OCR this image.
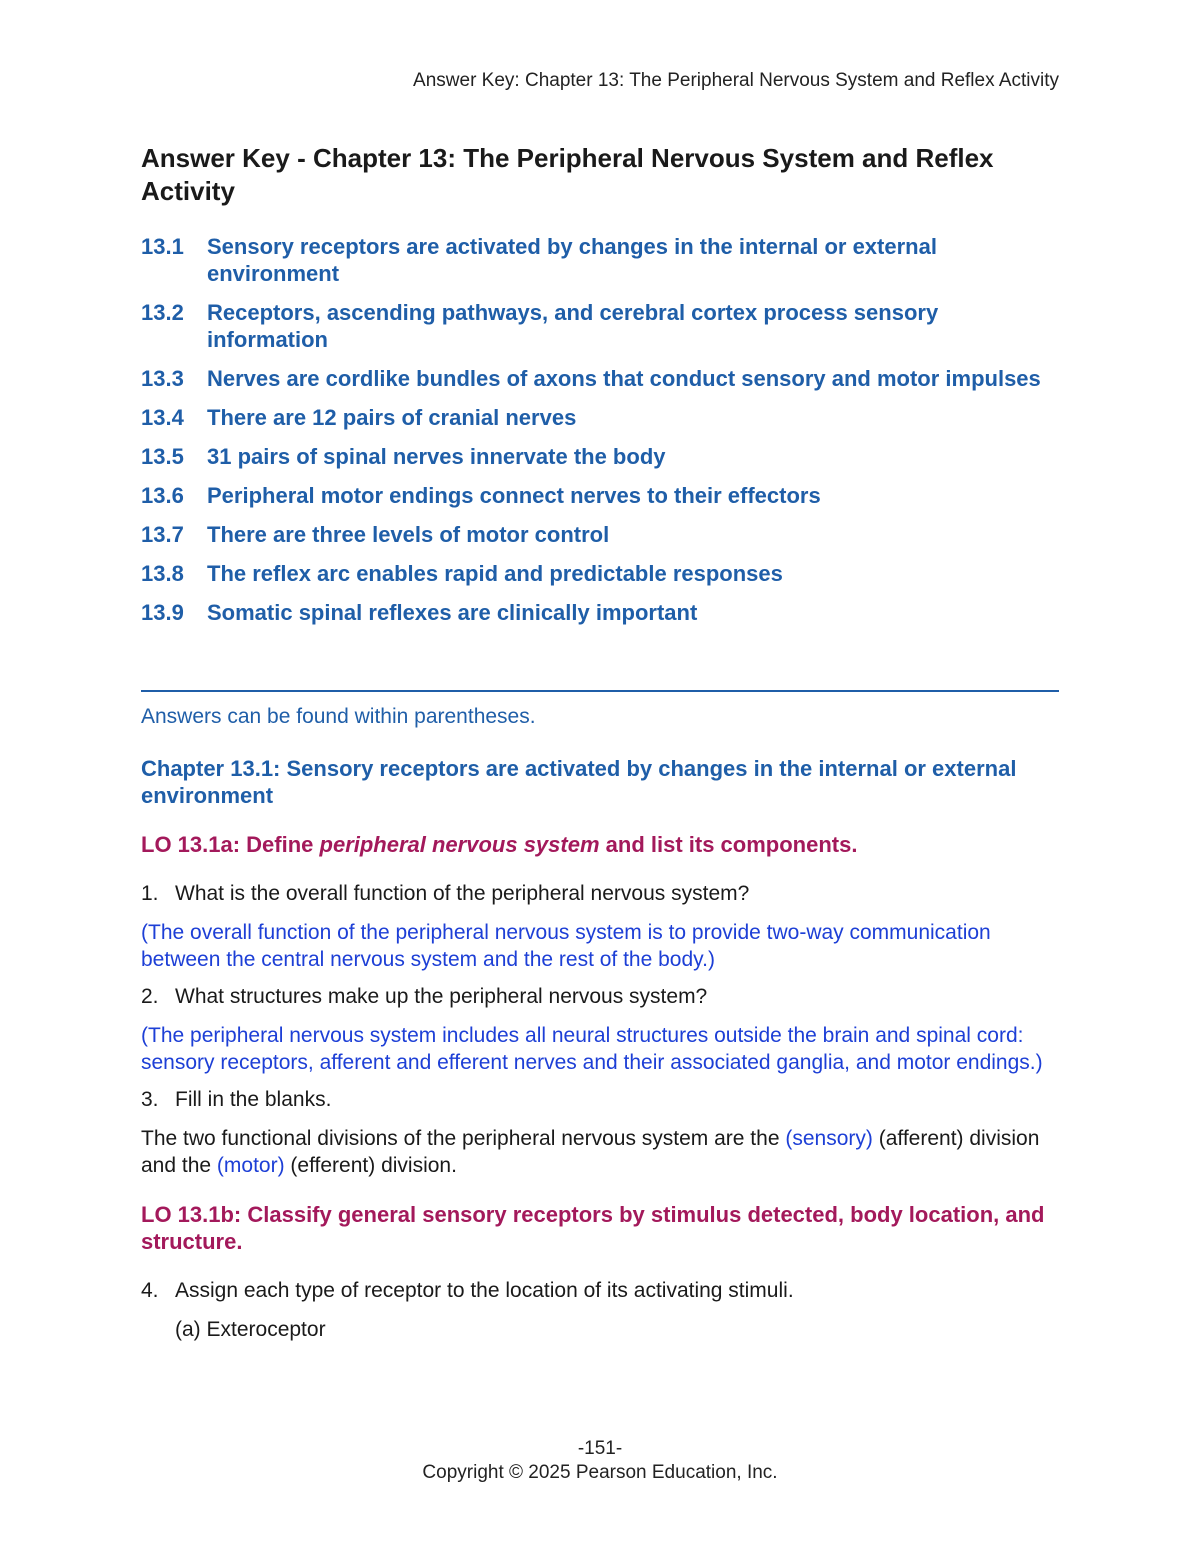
Answer Key: Chapter 13: The Peripheral Nervous System and Reflex Activity
Answer Key - Chapter 13: The Peripheral Nervous System and Reflex Activity
13.1	Sensory receptors are activated by changes in the internal or external environment
13.2	Receptors, ascending pathways, and cerebral cortex process sensory information
13.3	Nerves are cordlike bundles of axons that conduct sensory and motor impulses
13.4	There are 12 pairs of cranial nerves
13.5	31 pairs of spinal nerves innervate the body
13.6	Peripheral motor endings connect nerves to their effectors
13.7	There are three levels of motor control
13.8	The reflex arc enables rapid and predictable responses
13.9	Somatic spinal reflexes are clinically important
Answers can be found within parentheses.
Chapter 13.1: Sensory receptors are activated by changes in the internal or external environment
LO 13.1a: Define peripheral nervous system and list its components.
1. What is the overall function of the peripheral nervous system?
(The overall function of the peripheral nervous system is to provide two-way communication between the central nervous system and the rest of the body.)
2. What structures make up the peripheral nervous system?
(The peripheral nervous system includes all neural structures outside the brain and spinal cord: sensory receptors, afferent and efferent nerves and their associated ganglia, and motor endings.)
3. Fill in the blanks.
The two functional divisions of the peripheral nervous system are the (sensory) (afferent) division and the (motor) (efferent) division.
LO 13.1b: Classify general sensory receptors by stimulus detected, body location, and structure.
4. Assign each type of receptor to the location of its activating stimuli.
(a) Exteroceptor
-151-
Copyright © 2025 Pearson Education, Inc.
